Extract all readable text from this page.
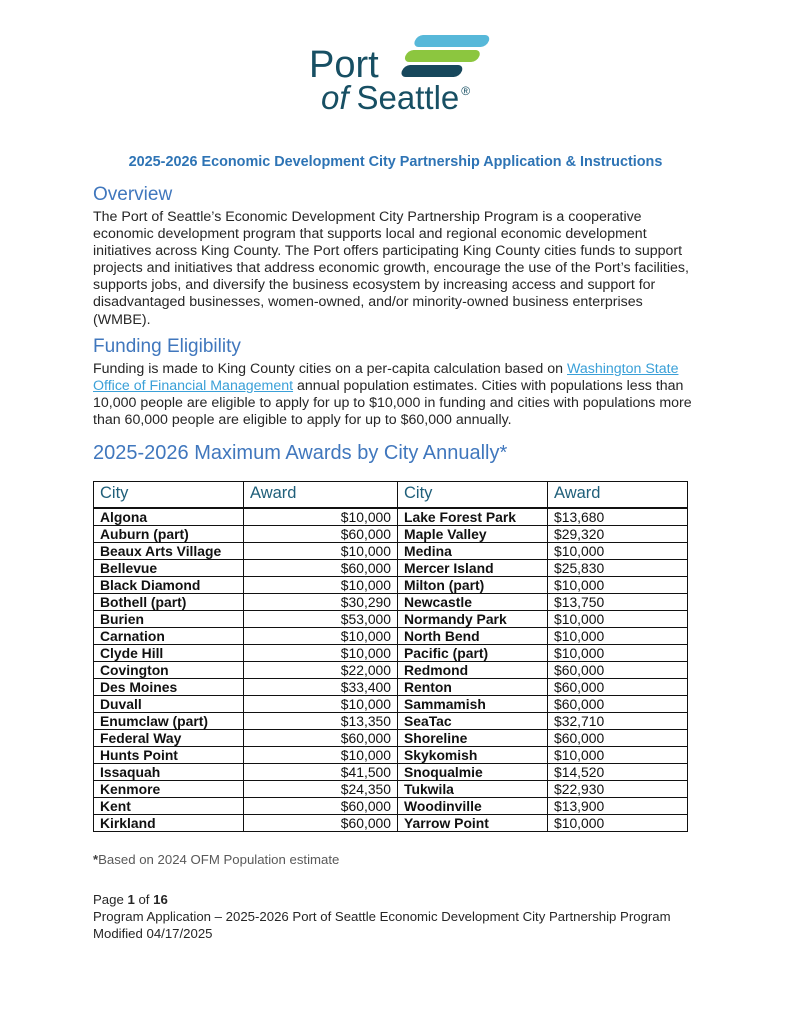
Port
of Seattle ®
2025-2026 Economic Development City Partnership Application & Instructions
Overview

The Port of Seattle’s Economic Development City Partnership Program is a cooperative economic development program that supports local and regional economic development initiatives across King County. The Port offers participating King County cities funds to support projects and initiatives that address economic growth, encourage the use of the Port’s facilities, supports jobs, and diversify the business ecosystem by increasing access and support for disadvantaged businesses, women-owned, and/or minority-owned business enterprises (WMBE).

Funding Eligibility

Funding is made to King County cities on a per-capita calculation based on Washington State Office of Financial Management annual population estimates. Cities with populations less than 10,000 people are eligible to apply for up to $10,000 in funding and cities with populations more than 60,000 people are eligible to apply for up to $60,000 annually.

2025-2026 Maximum Awards by City Annually*
City	Award	City	Award
Algona	$10,000	Lake Forest Park	$13,680
Auburn (part)	$60,000	Maple Valley	$29,320
Beaux Arts Village	$10,000	Medina	$10,000
Bellevue	$60,000	Mercer Island	$25,830
Black Diamond	$10,000	Milton (part)	$10,000
Bothell (part)	$30,290	Newcastle	$13,750
Burien	$53,000	Normandy Park	$10,000
Carnation	$10,000	North Bend	$10,000
Clyde Hill	$10,000	Pacific (part)	$10,000
Covington	$22,000	Redmond	$60,000
Des Moines	$33,400	Renton	$60,000
Duvall	$10,000	Sammamish	$60,000
Enumclaw (part)	$13,350	SeaTac	$32,710
Federal Way	$60,000	Shoreline	$60,000
Hunts Point	$10,000	Skykomish	$10,000
Issaquah	$41,500	Snoqualmie	$14,520
Kenmore	$24,350	Tukwila	$22,930
Kent	$60,000	Woodinville	$13,900
Kirkland	$60,000	Yarrow Point	$10,000
*Based on 2024 OFM Population estimate
Page 1 of 16
Program Application – 2025-2026 Port of Seattle Economic Development City Partnership Program
Modified 04/17/2025
